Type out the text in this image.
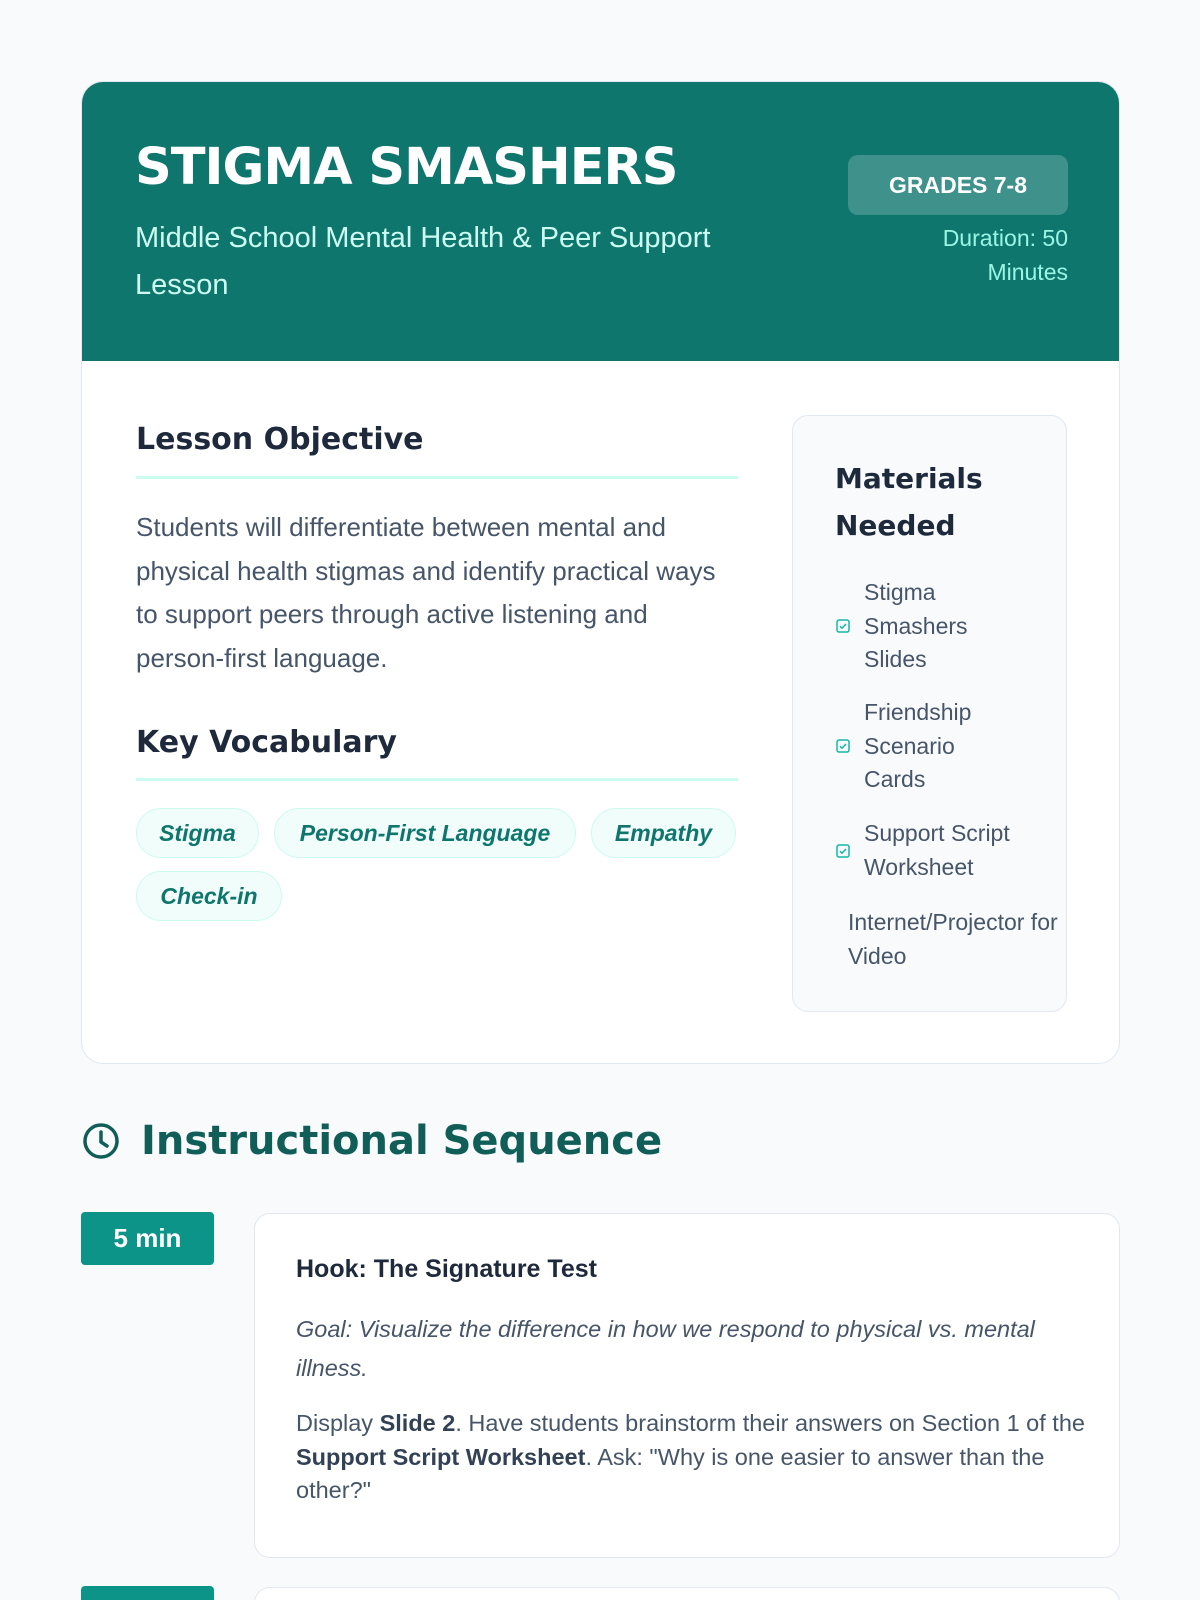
STIGMA SMASHERS
Middle School Mental Health & Peer Support Lesson
GRADES 7-8
Duration: 50 Minutes
Lesson Objective
Students will differentiate between mental and physical health stigmas and identify practical ways to support peers through active listening and person-first language.
Key Vocabulary
Stigma	Person-First Language	Empathy
Check-in
Materials Needed
Stigma Smashers Slides
Friendship Scenario Cards
Support Script Worksheet
Internet/Projector for Video
Instructional Sequence
5 min
Hook: The Signature Test
Goal: Visualize the difference in how we respond to physical vs. mental illness.
Display Slide 2. Have students brainstorm their answers on Section 1 of the Support Script Worksheet. Ask: "Why is one easier to answer than the other?"
